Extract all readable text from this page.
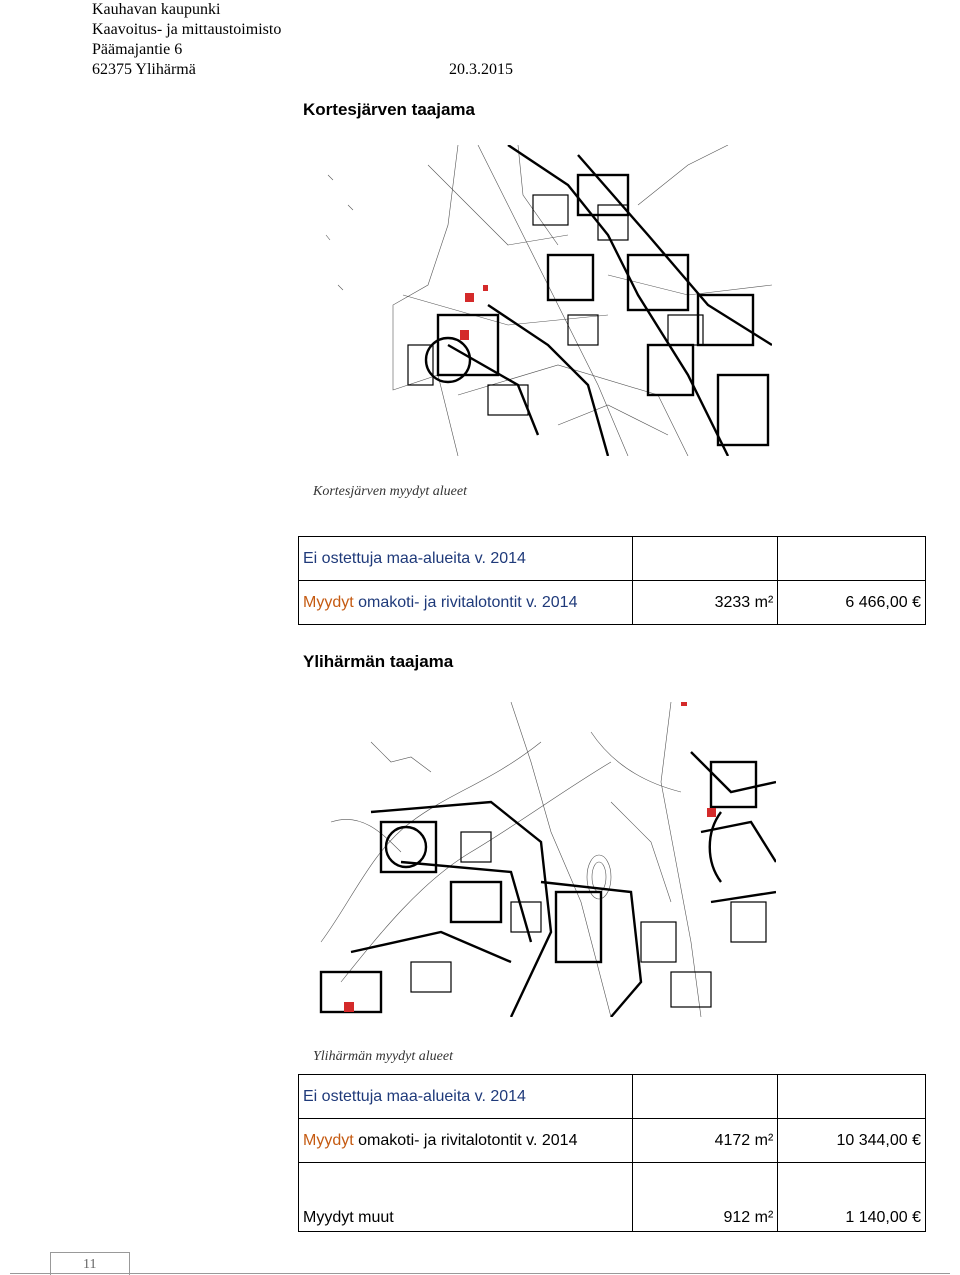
Kauhavan kaupunki
Kaavoitus- ja mittaustoimisto
Päämajantie 6
62375 Ylihärmä	20.3.2015
Kortesjärven taajama
Kortesjärven myydyt alueet
Ei ostettuja maa-alueita v. 2014		
Myydyt omakoti- ja rivitalotontit v. 2014	3233 m²	6 466,00 €
Ylihärmän taajama
Ylihärmän myydyt alueet
Ei ostettuja maa-alueita v. 2014		
Myydyt omakoti- ja rivitalotontit v. 2014	4172 m²	10 344,00 €
Myydyt muut	912 m²	1 140,00 €
11
